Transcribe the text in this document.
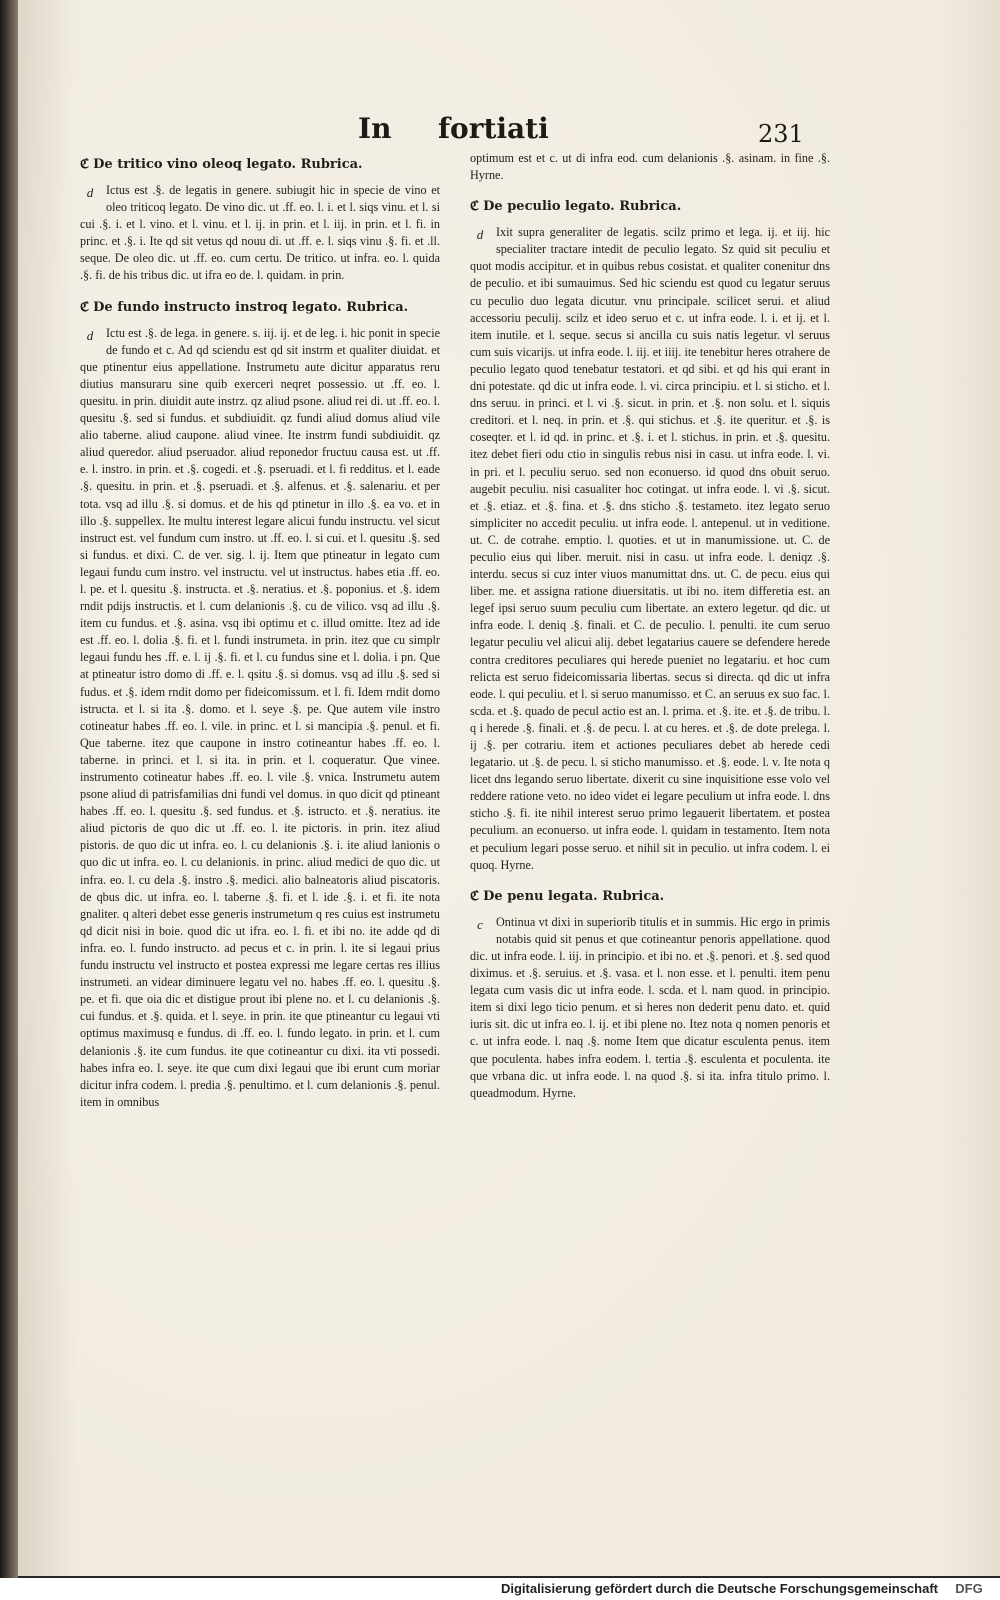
In fortiati	231
ℭ De tritico vino oleoq legato. Rubrica.

d	Ictus est .§. de legatis in genere. subiugit hic in specie de vino et oleo triticoq legato. De vino dic. ut .ff. eo. l. i. et l. siqs vinu. et l. si cui .§. i. et l. vino. et l. vinu. et l. ij. in prin. et l. iij. in prin. et l. fi. in princ. et .§. i. Ite qd sit vetus qd nouu di. ut .ff. e. l. siqs vinu .§. fi. et .ll. seque. De oleo dic. ut .ff. eo. cum certu. De tritico. ut infra. eo. l. quida .§. fi. de his tribus dic. ut ifra eo de. l. quidam. in prin.

ℭ De fundo instructo instroq legato. Rubrica.

d	Ictu est .§. de lega. in genere. s. iij. ij. et de leg. i. hic ponit in specie de fundo et c. Ad qd sciendu est qd sit instrm et qualiter diuidat. et que ptinentur eius appellatione. Instrumetu aute dicitur apparatus reru diutius mansuraru sine quib exerceri neqret possessio. ut .ff. eo. l. quesitu. in prin. diuidit aute instrz. qz aliud psone. aliud rei di. ut .ff. eo. l. quesitu .§. sed si fundus. et subdiuidit. qz fundi aliud domus aliud vile alio taberne. aliud caupone. aliud vinee. Ite instrm fundi subdiuidit. qz aliud queredor. aliud pseruador. aliud reponedor fructuu causa est. ut .ff. e. l. instro. in prin. et .§. cogedi. et .§. pseruadi. et l. fi redditus. et l. eade .§. quesitu. in prin. et .§. pseruadi. et .§. alfenus. et .§. salenariu. et per tota. vsq ad illu .§. si domus. et de his qd ptinetur in illo .§. ea vo. et in illo .§. suppellex. Ite multu interest legare alicui fundu instructu. vel sicut instruct est. vel fundum cum instro. ut .ff. eo. l. si cui. et l. quesitu .§. sed si fundus. et dixi. C. de ver. sig. l. ij. Item que ptineatur in legato cum legaui fundu cum instro. vel instructu. vel ut instructus. habes etia .ff. eo. l. pe. et l. quesitu .§. instructa. et .§. neratius. et .§. poponius. et .§. idem rndit pdijs instructis. et l. cum delanionis .§. cu de vilico. vsq ad illu .§. item cu fundus. et .§. asina. vsq ibi optimu et c. illud omitte. Itez ad ide est .ff. eo. l. dolia .§. fi. et l. fundi instrumeta. in prin. itez que cu simplr legaui fundu hes .ff. e. l. ij .§. fi. et l. cu fundus sine et l. dolia. i pn. Que at ptineatur istro domo di .ff. e. l. qsitu .§. si domus. vsq ad illu .§. sed si fudus. et .§. idem rndit domo per fideicomissum. et l. fi. Idem rndit domo istructa. et l. si ita .§. domo. et l. seye .§. pe. Que autem vile instro cotineatur habes .ff. eo. l. vile. in princ. et l. si mancipia .§. penul. et fi. Que taberne. itez que caupone in instro cotineantur habes .ff. eo. l. taberne. in princi. et l. si ita. in prin. et l. coqueratur. Que vinee. instrumento cotineatur habes .ff. eo. l. vile .§. vnica. Instrumetu autem psone aliud di patrisfamilias dni fundi vel domus. in quo dicit qd ptineant habes .ff. eo. l. quesitu .§. sed fundus. et .§. istructo. et .§. neratius. ite aliud pictoris de quo dic ut .ff. eo. l. ite pictoris. in prin. itez aliud pistoris. de quo dic ut infra. eo. l. cu delanionis .§. i. ite aliud lanionis o quo dic ut infra. eo. l. cu delanionis. in princ. aliud medici de quo dic. ut infra. eo. l. cu dela .§. instro .§. medici. alio balneatoris aliud piscatoris. de qbus dic. ut infra. eo. l. taberne .§. fi. et l. ide .§. i. et fi. ite nota gnaliter. q alteri debet esse generis instrumetum q res cuius est instrumetu qd dicit nisi in boie. quod dic ut ifra. eo. l. fi. et ibi no. ite adde qd di infra. eo. l. fundo instructo. ad pecus et c. in prin. l. ite si legaui prius fundu instructu vel instructo et postea expressi me legare certas res illius instrumeti. an videar diminuere legatu vel no. habes .ff. eo. l. quesitu .§. pe. et fi. que oia dic et distigue prout ibi plene no. et l. cu delanionis .§. cui fundus. et .§. quida. et l. seye. in prin. ite que ptineantur cu legaui vti optimus maximusq e fundus. di .ff. eo. l. fundo legato. in prin. et l. cum delanionis .§. ite cum fundus. ite que cotineantur cu dixi. ita vti possedi. habes infra eo. l. seye. ite que cum dixi legaui que ibi erunt cum moriar dicitur infra codem. l. predia .§. penultimo. et l. cum delanionis .§. penul. item in omnibus

optimum est et c. ut di infra eod. cum delanionis .§. asinam. in fine .§. Hyrne.

ℭ De peculio legato. Rubrica.

d	Ixit supra generaliter de legatis. scilz primo et lega. ij. et iij. hic specialiter tractare intedit de peculio legato. Sz quid sit peculiu et quot modis accipitur. et in quibus rebus cosistat. et qualiter conenitur dns de peculio. et ibi sumauimus. Sed hic sciendu est quod cu legatur seruus cu peculio duo legata dicutur. vnu principale. scilicet serui. et aliud accessoriu peculij. scilz et ideo seruo et c. ut infra eode. l. i. et ij. et l. item inutile. et l. seque. secus si ancilla cu suis natis legetur. vl seruus cum suis vicarijs. ut infra eode. l. iij. et iiij. ite tenebitur heres otrahere de peculio legato quod tenebatur testatori. et qd sibi. et qd his qui erant in dni potestate. qd dic ut infra eode. l. vi. circa principiu. et l. si sticho. et l. dns seruu. in princi. et l. vi .§. sicut. in prin. et .§. non solu. et l. siquis creditori. et l. neq. in prin. et .§. qui stichus. et .§. ite queritur. et .§. is coseqter. et l. id qd. in princ. et .§. i. et l. stichus. in prin. et .§. quesitu. itez debet fieri odu ctio in singulis rebus nisi in casu. ut infra eode. l. vi. in pri. et l. peculiu seruo. sed non econuerso. id quod dns obuit seruo. augebit peculiu. nisi casualiter hoc cotingat. ut infra eode. l. vi .§. sicut. et .§. etiaz. et .§. fina. et .§. dns sticho .§. testameto. itez legato seruo simpliciter no accedit peculiu. ut infra eode. l. antepenul. ut in veditione. ut. C. de cotrahe. emptio. l. quoties. et ut in manumissione. ut. C. de peculio eius qui liber. meruit. nisi in casu. ut infra eode. l. deniqz .§. interdu. secus si cuz inter viuos manumittat dns. ut. C. de pecu. eius qui liber. me. et assigna ratione diuersitatis. ut ibi no. item differetia est. an legef ipsi seruo suum peculiu cum libertate. an extero legetur. qd dic. ut infra eode. l. deniq .§. finali. et C. de peculio. l. penulti. ite cum seruo legatur peculiu vel alicui alij. debet legatarius cauere se defendere herede contra creditores peculiares qui herede pueniet no legatariu. et hoc cum relicta est seruo fideicomissaria libertas. secus si directa. qd dic ut infra eode. l. qui peculiu. et l. si seruo manumisso. et C. an seruus ex suo fac. l. scda. et .§. quado de pecul actio est an. l. prima. et .§. ite. et .§. de tribu. l. q i herede .§. finali. et .§. de pecu. l. at cu heres. et .§. de dote prelega. l. ij .§. per cotrariu. item et actiones peculiares debet ab herede cedi legatario. ut .§. de pecu. l. si sticho manumisso. et .§. eode. l. v. Ite nota q licet dns legando seruo libertate. dixerit cu sine inquisitione esse volo vel reddere ratione veto. no ideo videt ei legare peculium ut infra eode. l. dns sticho .§. fi. ite nihil interest seruo primo legauerit libertatem. et postea peculium. an econuerso. ut infra eode. l. quidam in testamento. Item nota et peculium legari posse seruo. et nihil sit in peculio. ut infra codem. l. ei quoq. Hyrne.

ℭ De penu legata. Rubrica.

c	Ontinua vt dixi in superiorib titulis et in summis. Hic ergo in primis notabis quid sit penus et que cotineantur penoris appellatione. quod dic. ut infra eode. l. iij. in principio. et ibi no. et .§. penori. et .§. sed quod diximus. et .§. seruius. et .§. vasa. et l. non esse. et l. penulti. item penu legata cum vasis dic ut infra eode. l. scda. et l. nam quod. in principio. item si dixi lego ticio penum. et si heres non dederit penu dato. et. quid iuris sit. dic ut infra eo. l. ij. et ibi plene no. Itez nota q nomen penoris et c. ut infra eode. l. naq .§. nome Item que dicatur esculenta penus. item que poculenta. habes infra eodem. l. tertia .§. esculenta et poculenta. ite que vrbana dic. ut infra eode. l. na quod .§. si ita. infra titulo primo. l. queadmodum. Hyrne.

Digitalisierung gefördert durch die Deutsche Forschungsgemeinschaft	DFG
